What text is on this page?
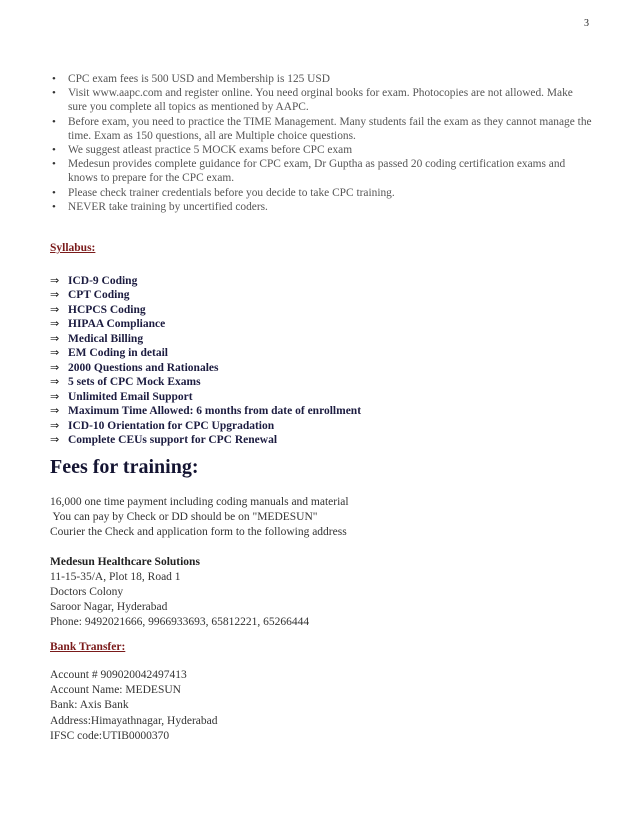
3
• CPC exam fees is 500 USD and Membership is 125 USD
• Visit www.aapc.com and register online. You need orginal books for exam. Photocopies are not allowed. Make sure you complete all topics as mentioned by AAPC.
• Before exam, you need to practice the TIME Management. Many students fail the exam as they cannot manage the time. Exam as 150 questions, all are Multiple choice questions.
• We suggest atleast practice 5 MOCK exams before CPC exam
• Medesun provides complete guidance for CPC exam, Dr Guptha as passed 20 coding certification exams and knows to prepare for the CPC exam.
• Please check trainer credentials before you decide to take CPC training.
• NEVER take training by uncertified coders.
Syllabus:
⇒ ICD-9 Coding
⇒ CPT Coding
⇒ HCPCS Coding
⇒ HIPAA Compliance
⇒ Medical Billing
⇒ EM Coding in detail
⇒ 2000 Questions and Rationales
⇒ 5 sets of CPC Mock Exams
⇒ Unlimited Email Support
⇒ Maximum Time Allowed: 6 months from date of enrollment
⇒ ICD-10 Orientation for CPC Upgradation
⇒ Complete CEUs support for CPC Renewal
Fees for training:
16,000 one time payment including coding manuals and material
You can pay by Check or DD should be on "MEDESUN"
Courier the Check and application form to the following address
Medesun Healthcare Solutions
11-15-35/A, Plot 18, Road 1
Doctors Colony
Saroor Nagar, Hyderabad
Phone: 9492021666, 9966933693, 65812221, 65266444
Bank Transfer:
Account # 909020042497413
Account Name: MEDESUN
Bank: Axis Bank
Address:Himayathnagar, Hyderabad
IFSC code:UTIB0000370
